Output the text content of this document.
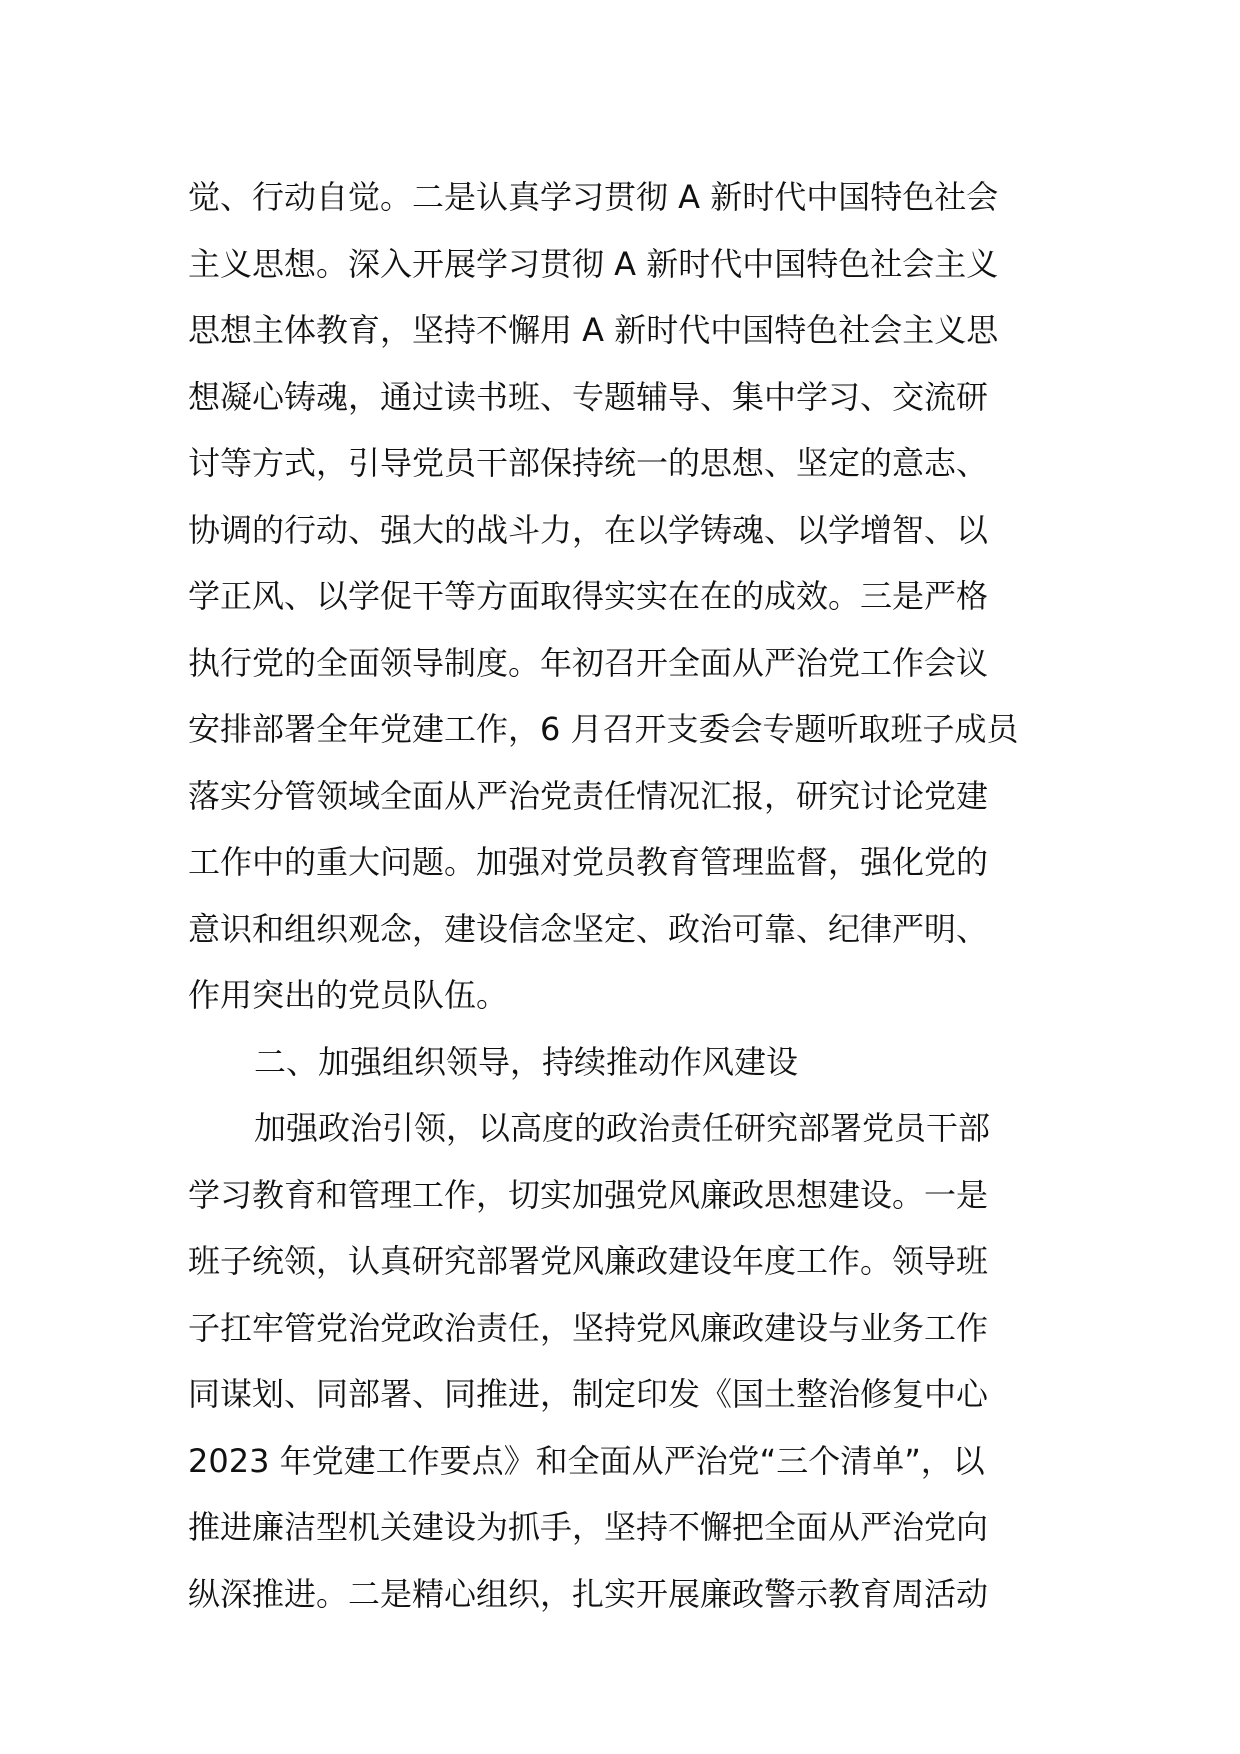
觉、行动自觉。二是认真学习贯彻 A 新时代中国特色社会
主义思想。深入开展学习贯彻 A 新时代中国特色社会主义
思想主体教育，坚持不懈用 A 新时代中国特色社会主义思
想凝心铸魂，通过读书班、专题辅导、集中学习、交流研
讨等方式，引导党员干部保持统一的思想、坚定的意志、
协调的行动、强大的战斗力，在以学铸魂、以学增智、以
学正风、以学促干等方面取得实实在在的成效。三是严格
执行党的全面领导制度。年初召开全面从严治党工作会议
安排部署全年党建工作，6 月召开支委会专题听取班子成员
落实分管领域全面从严治党责任情况汇报，研究讨论党建
工作中的重大问题。加强对党员教育管理监督，强化党的
意识和组织观念，建设信念坚定、政治可靠、纪律严明、
作用突出的党员队伍。
二、加强组织领导，持续推动作风建设
加强政治引领，以高度的政治责任研究部署党员干部
学习教育和管理工作，切实加强党风廉政思想建设。一是
班子统领，认真研究部署党风廉政建设年度工作。领导班
子扛牢管党治党政治责任，坚持党风廉政建设与业务工作
同谋划、同部署、同推进，制定印发《国土整治修复中心
2023 年党建工作要点》和全面从严治党“三个清单”，以
推进廉洁型机关建设为抓手，坚持不懈把全面从严治党向
纵深推进。二是精心组织，扎实开展廉政警示教育周活动
